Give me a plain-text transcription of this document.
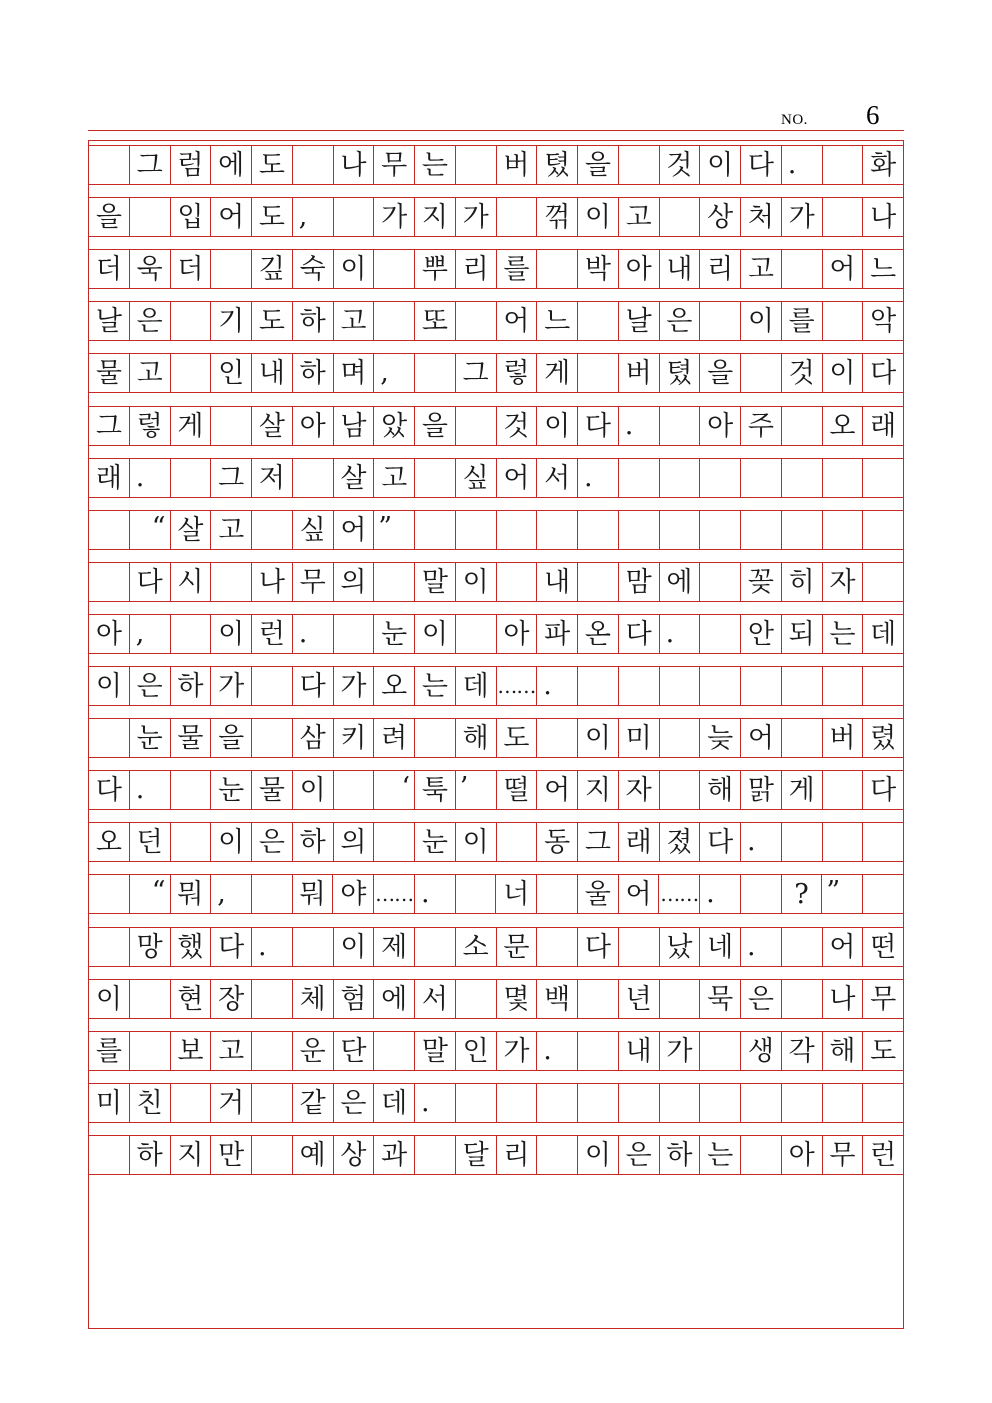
NO. 6
그 럼 에 도 나 무 는 버 텼 을 것 이 다 .	화
을 입 어 도 ,	가 지 가 꺾 이 고 상 처 가 나
더 욱 더 깊 숙 이 뿌 리 를 박 아 내 리 고 어 느
날 은 기 도 하 고 또 어 느 날 은 이 를 악
물 고 인 내 하 며 ,	그 렇 게 버 텼 을 것 이 다
그 렇 게 살 아 남 았 을 것 이 다 .	아 주 오 래
래 .	그 저 살 고 싶 어 서 .
“ 살 고 싶 어 ”
다 시 나 무 의 말 이 내 맘 에 꽂 히 자
아 ,	이 런 .	눈 이 아 파 온 다 .	안 되 는 데
이 은 하 가 다 가 오 는 데 …… .
눈 물 을 삼 키 려 해 도 이 미 늦 어 버 렸
다 .	눈 물 이	‘ 툭 ’	떨 어 지 자 해 맑 게 다
오 던 이 은 하 의 눈 이 동 그 래 졌 다 .
“ 뭐 ,	뭐 야 …… .	너 울 어 …… .	? ”
망 했 다 .	이 제 소 문 다 났 네 .	어 떤
이 현 장 체 험 에 서 몇 백 년 묵 은 나 무
를 보 고 운 단 말 인 가 .	내 가 생 각 해 도
미 친 거 같 은 데 .
하 지 만 예 상 과 달 리 이 은 하 는 아 무 런
